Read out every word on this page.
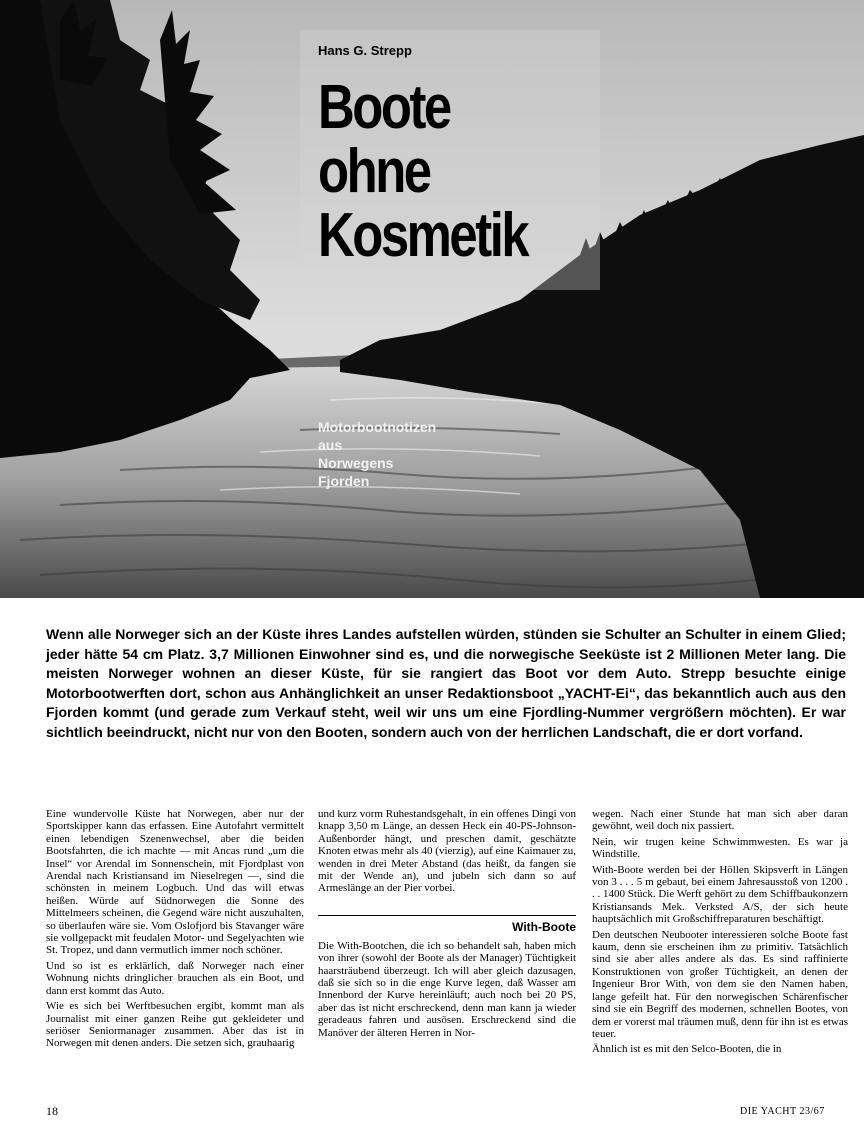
Hans G. Strepp
Boote
ohne
Kosmetik
Motorbootnotizen
aus
Norwegens
Fjorden

Wenn alle Norweger sich an der Küste ihres Landes aufstellen würden, stünden sie Schulter an Schulter in einem Glied; jeder hätte 54 cm Platz. 3,7 Millionen Einwohner sind es, und die norwegische Seeküste ist 2 Millionen Meter lang. Die meisten Norweger wohnen an dieser Küste, für sie rangiert das Boot vor dem Auto. Strepp besuchte einige Motorbootwerften dort, schon aus Anhänglichkeit an unser Redaktionsboot „YACHT-Ei“, das bekanntlich auch aus den Fjorden kommt (und gerade zum Verkauf steht, weil wir uns um eine Fjordling-Nummer vergrößern möchten). Er war sichtlich beeindruckt, nicht nur von den Booten, sondern auch von der herrlichen Landschaft, die er dort vorfand.

Eine wundervolle Küste hat Norwegen, aber nur der Sportskipper kann das erfassen. Eine Autofahrt vermittelt einen lebendigen Szenenwechsel, aber die beiden Bootsfahrten, die ich machte — mit Ancas rund „um die Insel“ vor Arendal im Sonnenschein, mit Fjordplast von Arendal nach Kristiansand im Nieselregen —, sind die schönsten in meinem Logbuch. Und das will etwas heißen. Würde auf Südnorwegen die Sonne des Mittelmeers scheinen, die Gegend wäre nicht auszuhalten, so überlaufen wäre sie. Vom Oslofjord bis Stavanger wäre sie vollgepackt mit feudalen Motor- und Segelyachten wie St. Tropez, und dann vermutlich immer noch schöner.

Und so ist es erklärlich, daß Norweger nach einer Wohnung nichts dringlicher brauchen als ein Boot, und dann erst kommt das Auto.

Wie es sich bei Werftbesuchen ergibt, kommt man als Journalist mit einer ganzen Reihe gut gekleideter und seriöser Seniormanager zusammen. Aber das ist in Norwegen mit denen anders. Die setzen sich, grauhaarig

und kurz vorm Ruhestandsgehalt, in ein offenes Dingi von knapp 3,50 m Länge, an dessen Heck ein 40-PS-Johnson-Außenborder hängt, und preschen damit, geschätzte Knoten etwas mehr als 40 (vierzig), auf eine Kaimauer zu, wenden in drei Meter Abstand (das heißt, da fangen sie mit der Wende an), und jubeln sich dann so auf Armeslänge an der Pier vorbei.

With-Boote

Die With-Bootchen, die ich so behandelt sah, haben mich von ihrer (sowohl der Boote als der Manager) Tüchtigkeit haarsträubend überzeugt. Ich will aber gleich dazusagen, daß sie sich so in die enge Kurve legen, daß Wasser am Innenbord der Kurve hereinläuft; auch noch bei 20 PS, aber das ist nicht erschreckend, denn man kann ja wieder geradeaus fahren und ausösen. Erschreckend sind die Manöver der älteren Herren in Nor-

wegen. Nach einer Stunde hat man sich aber daran gewöhnt, weil doch nix passiert.

Nein, wir trugen keine Schwimmwesten. Es war ja Windstille.

With-Boote werden bei der Höllen Skipsverft in Längen von 3 . . . 5 m gebaut, bei einem Jahresausstoß von 1200 . . . 1400 Stück. Die Werft gehört zu dem Schiffbaukonzern Kristiansands Mek. Verksted A/S, der sich heute hauptsächlich mit Großschiffreparaturen beschäftigt.

Den deutschen Neubooter interessieren solche Boote fast kaum, denn sie erscheinen ihm zu primitiv. Tatsächlich sind sie aber alles andere als das. Es sind raffinierte Konstruktionen von großer Tüchtigkeit, an denen der Ingenieur Bror With, von dem sie den Namen haben, lange gefeilt hat. Für den norwegischen Schärenfischer sind sie ein Begriff des modernen, schnellen Bootes, von dem er vorerst mal träumen muß, denn für ihn ist es etwas teuer.

Ähnlich ist es mit den Selco-Booten, die in

18	DIE YACHT 23/67
